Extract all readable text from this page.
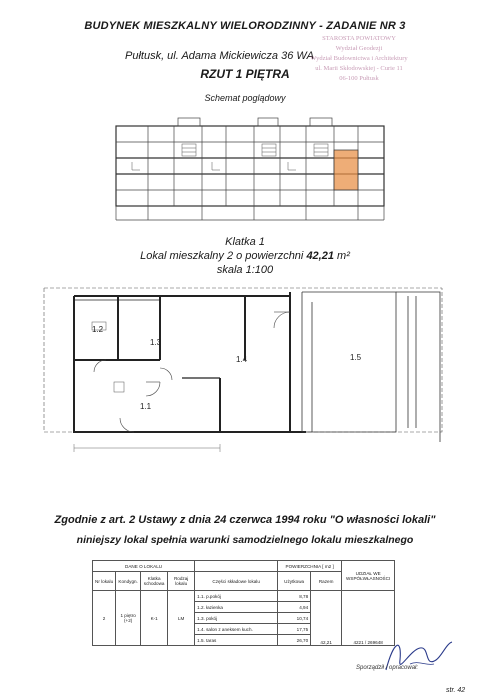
BUDYNEK MIESZKALNY WIELORODZINNY - ZADANIE NR 3
Pułtusk, ul. Adama Mickiewicza 36 WA
RZUT 1 PIĘTRA
Schemat poglądowy
STAROSTA POWIATOWY
Wydział Geodezji
Wydział Budownictwa i Architektury
ul. Marii Skłodowskiej - Curie 11
06-100 Pułtusk
Klatka 1
Lokal mieszkalny 2 o powierzchni 42,21 m²
skala 1:100
1.2
1.3
1.4	1.5
1.1
Zgodnie z art. 2 Ustawy z dnia 24 czerwca 1994 roku "O własności lokali"
niniejszy lokal spełnia warunki samodzielnego lokalu mieszkalnego
DANE O LOKALU					POWIERZCHNIA [ m2 ]		UDZIAŁ WE WSPÓŁWŁASNOŚCI
Nr lokalu	Kondygn.	Klatka schodowa	Rodzaj lokalu	Części składowe lokalu	Użytkowa	Razem	
2	1 piętro (+2)	K-1	LM	1.1. p.pokój	8,78	42,21	4221 / 269648
				1.2. łazienka	4,94		
				1.3. pokój	10,74		
				1.4. salon z aneksem kuch.	17,75		
				1.5. taras	26,70		
Sporządził / opracował:
str. 42
